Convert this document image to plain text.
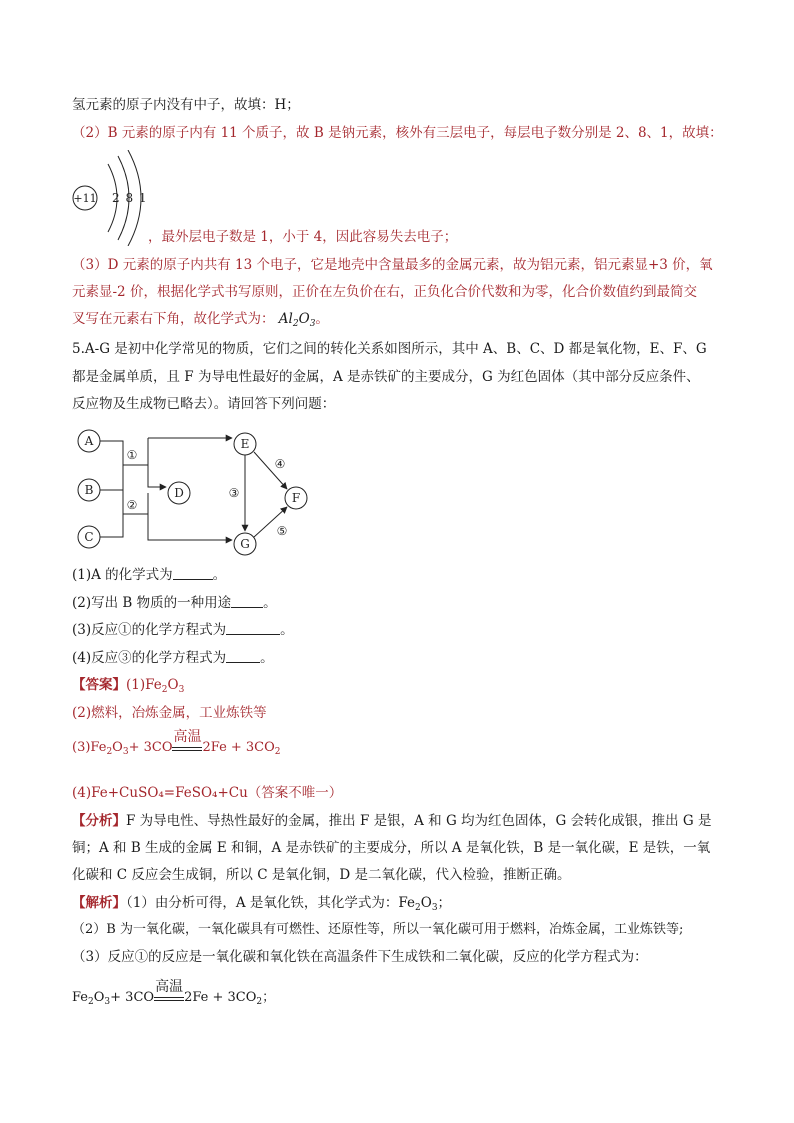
氢元素的原子内没有中子，故填：H；
（2）B 元素的原子内有 11 个质子，故 B 是钠元素，核外有三层电子，每层电子数分别是 2、8、1，故填：
+11 2 8 1
，最外层电子数是 1，小于 4，因此容易失去电子；
（3）D 元素的原子内共有 13 个电子，它是地壳中含量最多的金属元素，故为铝元素，铝元素显+3 价，氧
元素显-2 价，根据化学式书写原则，正价在左负价在右，正负化合价代数和为零，化合价数值约到最简交
叉写在元素右下角，故化学式为： $Al_2O_3$。
5.A-G 是初中化学常见的物质，它们之间的转化关系如图所示，其中 A、B、C、D 都是氧化物，E、F、G
都是金属单质，且 F 为导电性最好的金属，A 是赤铁矿的主要成分，G 为红色固体（其中部分反应条件、
反应物及生成物已略去）。请回答下列问题：
A
B
C
D
E
F
G
①
②
③
④
⑤
(1)A 的化学式为	。
(2)写出 B 物质的一种用途 。
(3)反应①的化学方程式为	。
(4)反应③的化学方程式为	。
【答案】$(1)Fe_2O_3$
(2)燃料，冶炼金属，工业炼铁等
$(3)Fe_2O_3+ 3CO$
高温
$2Fe + 3CO_2$
(4)Fe+CuSO₄=FeSO₄+Cu（答案不唯一）
【分析】F 为导电性、导热性最好的金属，推出 F 是银，A 和 G 均为红色固体，G 会转化成银，推出 G 是
铜；A 和 B 生成的金属 E 和铜，A 是赤铁矿的主要成分，所以 A 是氧化铁，B 是一氧化碳，E 是铁，一氧
化碳和 C 反应会生成铜，所以 C 是氧化铜，D 是二氧化碳，代入检验，推断正确。
【解析】（1）由分析可得，A 是氧化铁，其化学式为：$Fe_2O_3$；
（2）B 为一氧化碳，一氧化碳具有可燃性、还原性等，所以一氧化碳可用于燃料，冶炼金属，工业炼铁等;
（3）反应①的反应是一氧化碳和氧化铁在高温条件下生成铁和二氧化碳，反应的化学方程式为：
$Fe_2O_3+ 3CO$
高温
$2Fe + 3CO_2$；
